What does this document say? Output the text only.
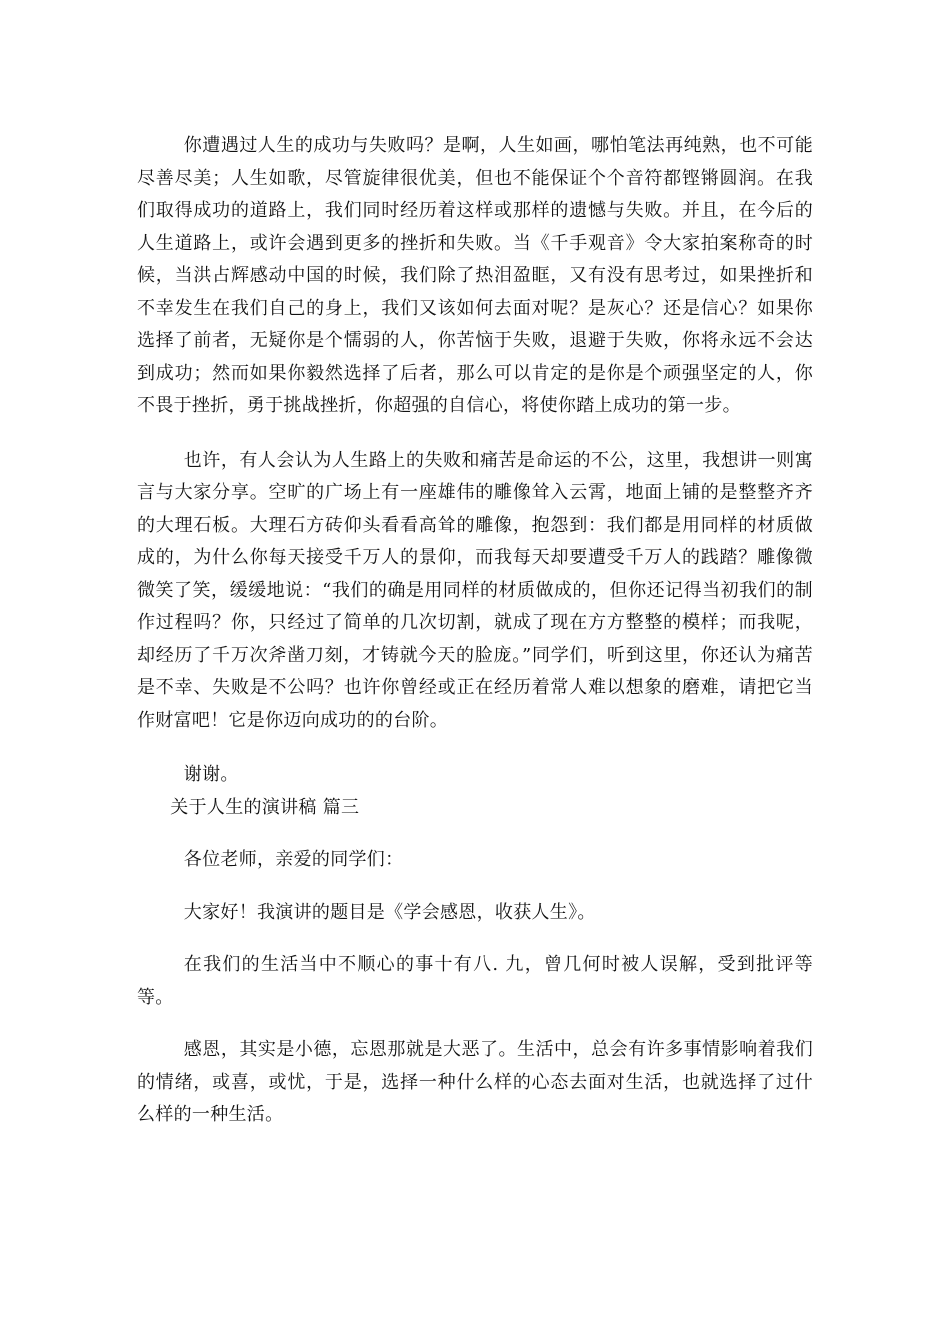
你遭遇过人生的成功与失败吗？是啊，人生如画，哪怕笔法再纯熟，也不可能尽善尽美；人生如歌，尽管旋律很优美，但也不能保证个个音符都铿锵圆润。在我们取得成功的道路上，我们同时经历着这样或那样的遗憾与失败。并且，在今后的人生道路上，或许会遇到更多的挫折和失败。当《千手观音》令大家拍案称奇的时候，当洪占辉感动中国的时候，我们除了热泪盈眶，又有没有思考过，如果挫折和不幸发生在我们自己的身上，我们又该如何去面对呢？是灰心？还是信心？如果你选择了前者，无疑你是个懦弱的人，你苦恼于失败，退避于失败，你将永远不会达到成功；然而如果你毅然选择了后者，那么可以肯定的是你是个顽强坚定的人，你不畏于挫折，勇于挑战挫折，你超强的自信心，将使你踏上成功的第一步。

也许，有人会认为人生路上的失败和痛苦是命运的不公，这里，我想讲一则寓言与大家分享。空旷的广场上有一座雄伟的雕像耸入云霄，地面上铺的是整整齐齐的大理石板。大理石方砖仰头看看高耸的雕像，抱怨到：我们都是用同样的材质做成的，为什么你每天接受千万人的景仰，而我每天却要遭受千万人的践踏？雕像微微笑了笑，缓缓地说：“我们的确是用同样的材质做成的，但你还记得当初我们的制作过程吗？你，只经过了简单的几次切割，就成了现在方方整整的模样；而我呢，却经历了千万次斧凿刀刻，才铸就今天的脸庞。”同学们，听到这里，你还认为痛苦是不幸、失败是不公吗？也许你曾经或正在经历着常人难以想象的磨难，请把它当作财富吧！它是你迈向成功的的台阶。

谢谢。

关于人生的演讲稿 篇三

各位老师，亲爱的同学们：

大家好！我演讲的题目是《学会感恩，收获人生》。

在我们的生活当中不顺心的事十有八. 九，曾几何时被人误解，受到批评等等。

感恩，其实是小德，忘恩那就是大恶了。生活中，总会有许多事情影响着我们的情绪，或喜，或忧，于是，选择一种什么样的心态去面对生活，也就选择了过什么样的一种生活。
